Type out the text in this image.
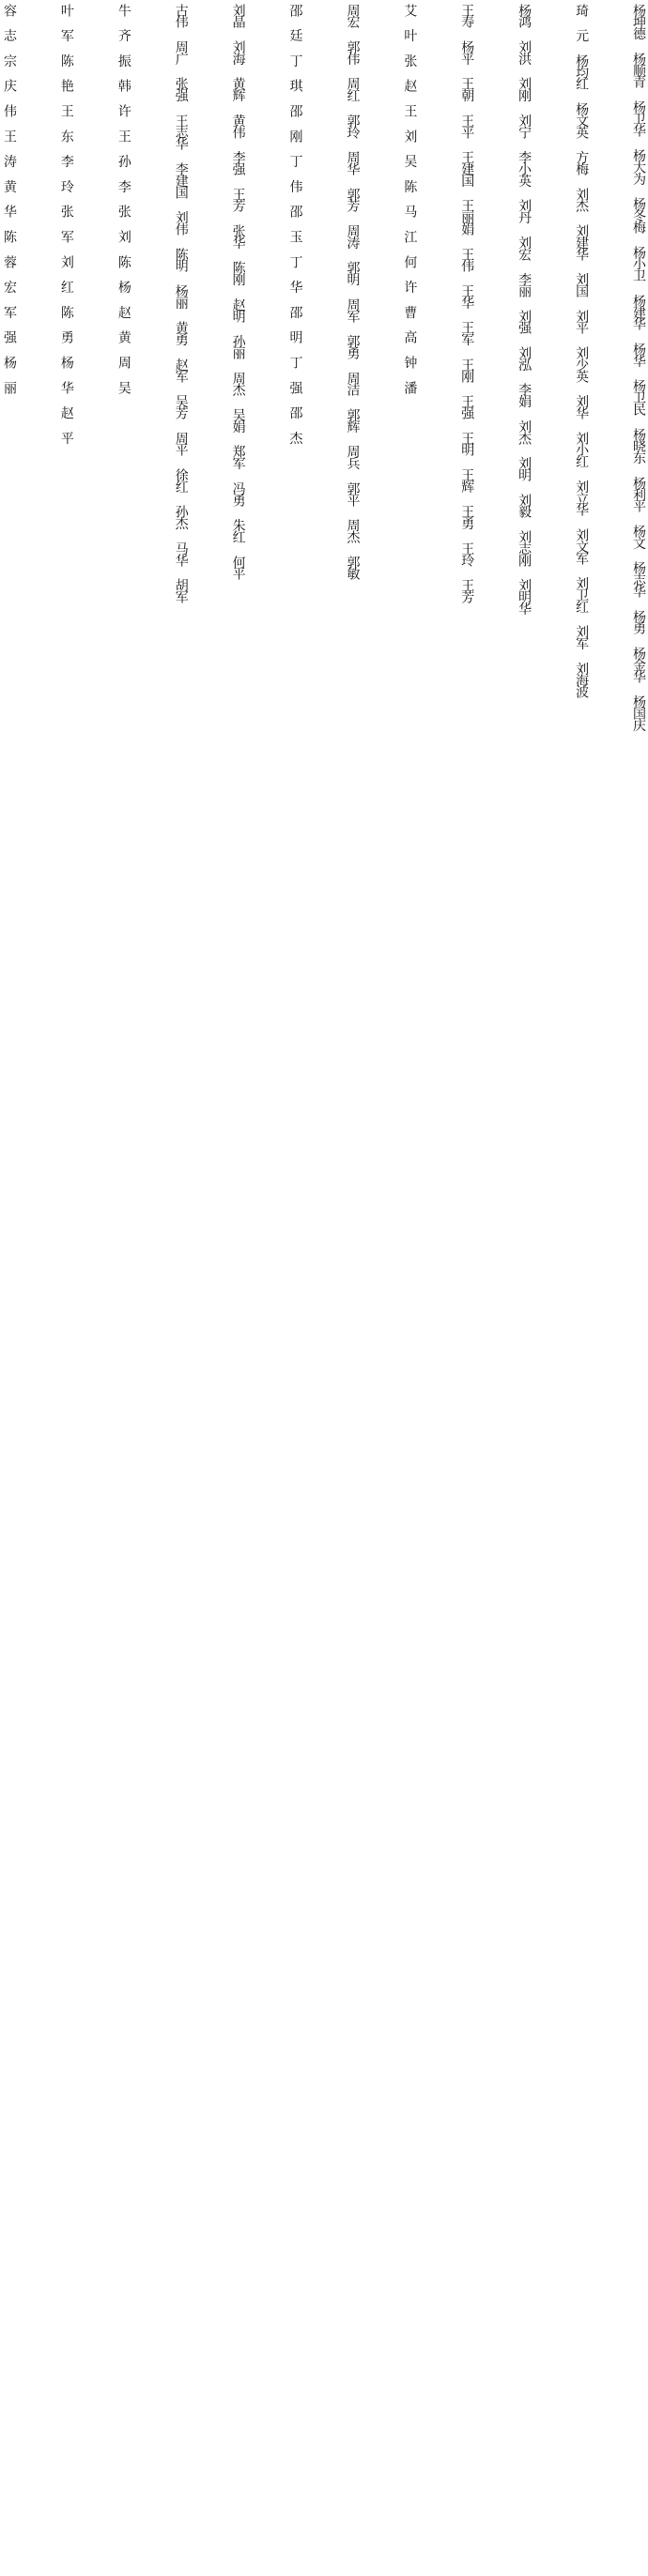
杨坤德 杨顺青 杨卫华 杨大为 杨冬梅 杨小卫 杨建华 杨华 杨卫民 杨晓东 杨利平 杨文 杨志华 杨勇 杨金华 杨国庆
琦 元 杨均红 杨文英 方梅 刘杰 刘建华 刘国 刘平 刘少英 刘华 刘小红 刘立华 刘文军 刘卫红 刘军 刘海波
杨鸿 刘洪 刘刚 刘宁 李小英 刘丹 刘宏 李丽 刘强 刘泓 李娟 刘杰 刘明 刘毅 刘志刚 刘明华
王寿 杨平 王朝 王平 王建国 王丽娟 王伟 王华 王军 王刚 王强 王明 王辉 王勇 王玲 王芳
艾 叶 张 赵 王 刘 吴 陈 马 江 何 许 曹 高 钟 潘
周宏 郭伟 周红 郭玲 周华 郭芳 周涛 郭明 周军 郭勇 周洁 郭辉 周兵 郭平 周杰 郭敏
邵 廷 丁 琪 邵 刚 丁 伟 邵 玉 丁 华 邵 明 丁 强 邵 杰
刘晶 刘海 黄辉 黄伟 李强 王芳 张华 陈刚 赵明 孙丽 周杰 吴娟 郑军 冯勇 朱红 何平
古伟 周广 张强 王志华 李建国 刘伟 陈明 杨丽 黄勇 赵军 吴芳 周平 徐红 孙杰 马华 胡军
牛 齐 振 韩 许 王 孙 李 张 刘 陈 杨 赵 黄 周 吴
叶 军 陈 艳 王 东 李 玲 张 军 刘 红 陈 勇 杨 华 赵 平
容 志 宗 庆 伟 王 涛 黄 华 陈 蓉 宏 军 强 杨 丽
